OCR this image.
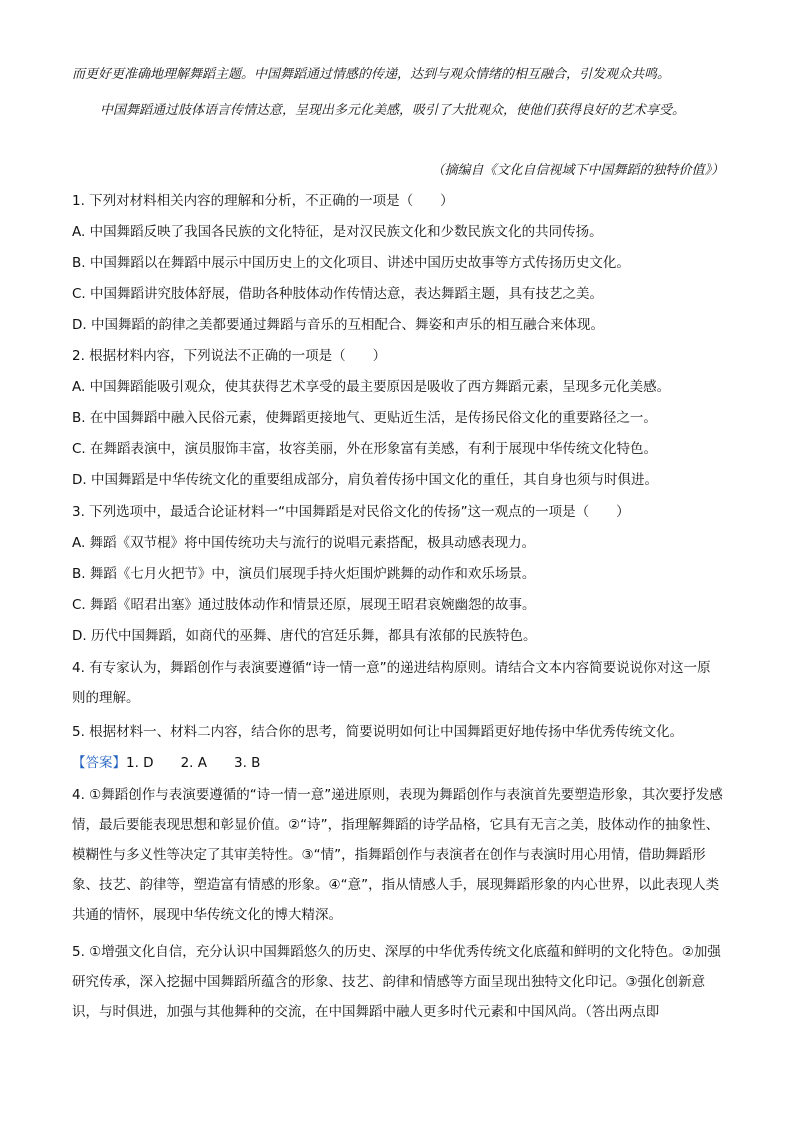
而更好更准确地理解舞蹈主题。中国舞蹈通过情感的传递，达到与观众情绪的相互融合，引发观众共鸣。

中国舞蹈通过肢体语言传情达意，呈现出多元化美感，吸引了大批观众，使他们获得良好的艺术享受。

（摘编自《文化自信视域下中国舞蹈的独特价值》）

1. 下列对材料相关内容的理解和分析，不正确的一项是（　　）

A. 中国舞蹈反映了我国各民族的文化特征，是对汉民族文化和少数民族文化的共同传扬。

B. 中国舞蹈以在舞蹈中展示中国历史上的文化项目、讲述中国历史故事等方式传扬历史文化。

C. 中国舞蹈讲究肢体舒展，借助各种肢体动作传情达意，表达舞蹈主题，具有技艺之美。

D. 中国舞蹈的韵律之美都要通过舞蹈与音乐的互相配合、舞姿和声乐的相互融合来体现。

2. 根据材料内容，下列说法不正确的一项是（　　）

A. 中国舞蹈能吸引观众，使其获得艺术享受的最主要原因是吸收了西方舞蹈元素，呈现多元化美感。

B. 在中国舞蹈中融入民俗元素，使舞蹈更接地气、更贴近生活，是传扬民俗文化的重要路径之一。

C. 在舞蹈表演中，演员服饰丰富，妆容美丽，外在形象富有美感，有利于展现中华传统文化特色。

D. 中国舞蹈是中华传统文化的重要组成部分，肩负着传扬中国文化的重任，其自身也须与时俱进。

3. 下列选项中，最适合论证材料一“中国舞蹈是对民俗文化的传扬”这一观点的一项是（　　）

A. 舞蹈《双节棍》将中国传统功夫与流行的说唱元素搭配，极具动感表现力。

B. 舞蹈《七月火把节》中，演员们展现手持火炬围炉跳舞的动作和欢乐场景。

C. 舞蹈《昭君出塞》通过肢体动作和情景还原，展现王昭君哀婉幽怨的故事。

D. 历代中国舞蹈，如商代的巫舞、唐代的宫廷乐舞，都具有浓郁的民族特色。

4. 有专家认为，舞蹈创作与表演要遵循“诗一情一意”的递进结构原则。请结合文本内容简要说说你对这一原则的理解。

5. 根据材料一、材料二内容，结合你的思考，简要说明如何让中国舞蹈更好地传扬中华优秀传统文化。

【答案】1. D　　2. A　　3. B

4. ①舞蹈创作与表演要遵循的“诗一情一意”递进原则，表现为舞蹈创作与表演首先要塑造形象，其次要抒发感情，最后要能表现思想和彰显价值。②“诗”，指理解舞蹈的诗学品格，它具有无言之美，肢体动作的抽象性、模糊性与多义性等决定了其审美特性。③“情”，指舞蹈创作与表演者在创作与表演时用心用情，借助舞蹈形象、技艺、韵律等，塑造富有情感的形象。④“意”，指从情感人手，展现舞蹈形象的内心世界，以此表现人类共通的情怀，展现中华传统文化的博大精深。

5. ①增强文化自信，充分认识中国舞蹈悠久的历史、深厚的中华优秀传统文化底蕴和鲜明的文化特色。②加强研究传承，深入挖掘中国舞蹈所蕴含的形象、技艺、韵律和情感等方面呈现出独特文化印记。③强化创新意识，与时俱进，加强与其他舞种的交流，在中国舞蹈中融人更多时代元素和中国风尚。（答出两点即
